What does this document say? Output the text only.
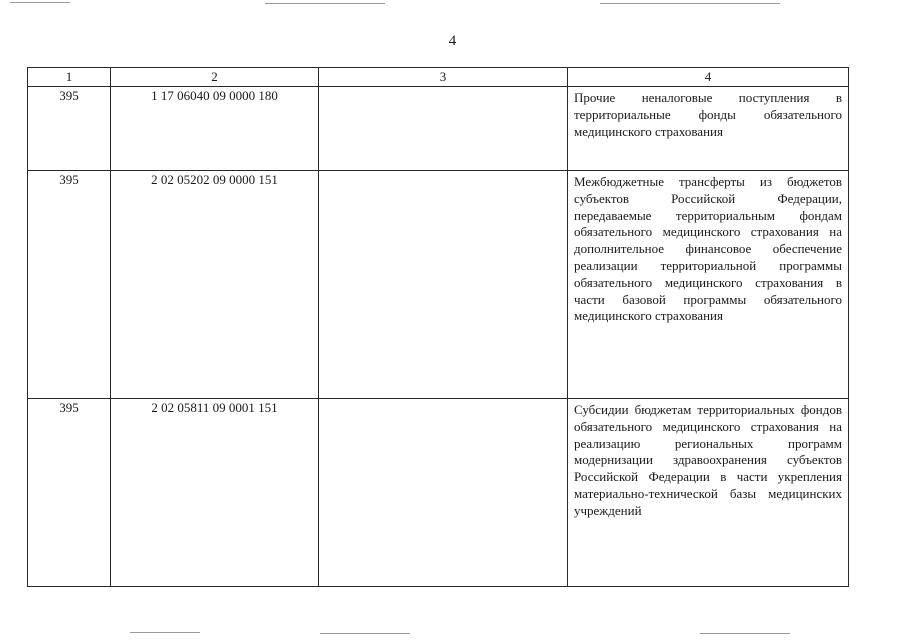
4
1	2	3	4
395	1 17 06040 09 0000 180		Прочие неналоговые поступления в территориальные фонды обязательного медицинского страхования
395	2 02 05202 09 0000 151		Межбюджетные трансферты из бюджетов субъектов Российской Федерации, передаваемые территориальным фондам обязательного медицинского страхования на дополнительное финансовое обеспечение реализации территориальной программы обязательного медицинского страхования в части базовой программы обязательного медицинского страхования
395	2 02 05811 09 0001 151		Субсидии бюджетам территориальных фондов обязательного медицинского страхования на реализацию региональных программ модернизации здравоохранения субъектов Российской Федерации в части укрепления материально-технической базы медицинских учреждений
